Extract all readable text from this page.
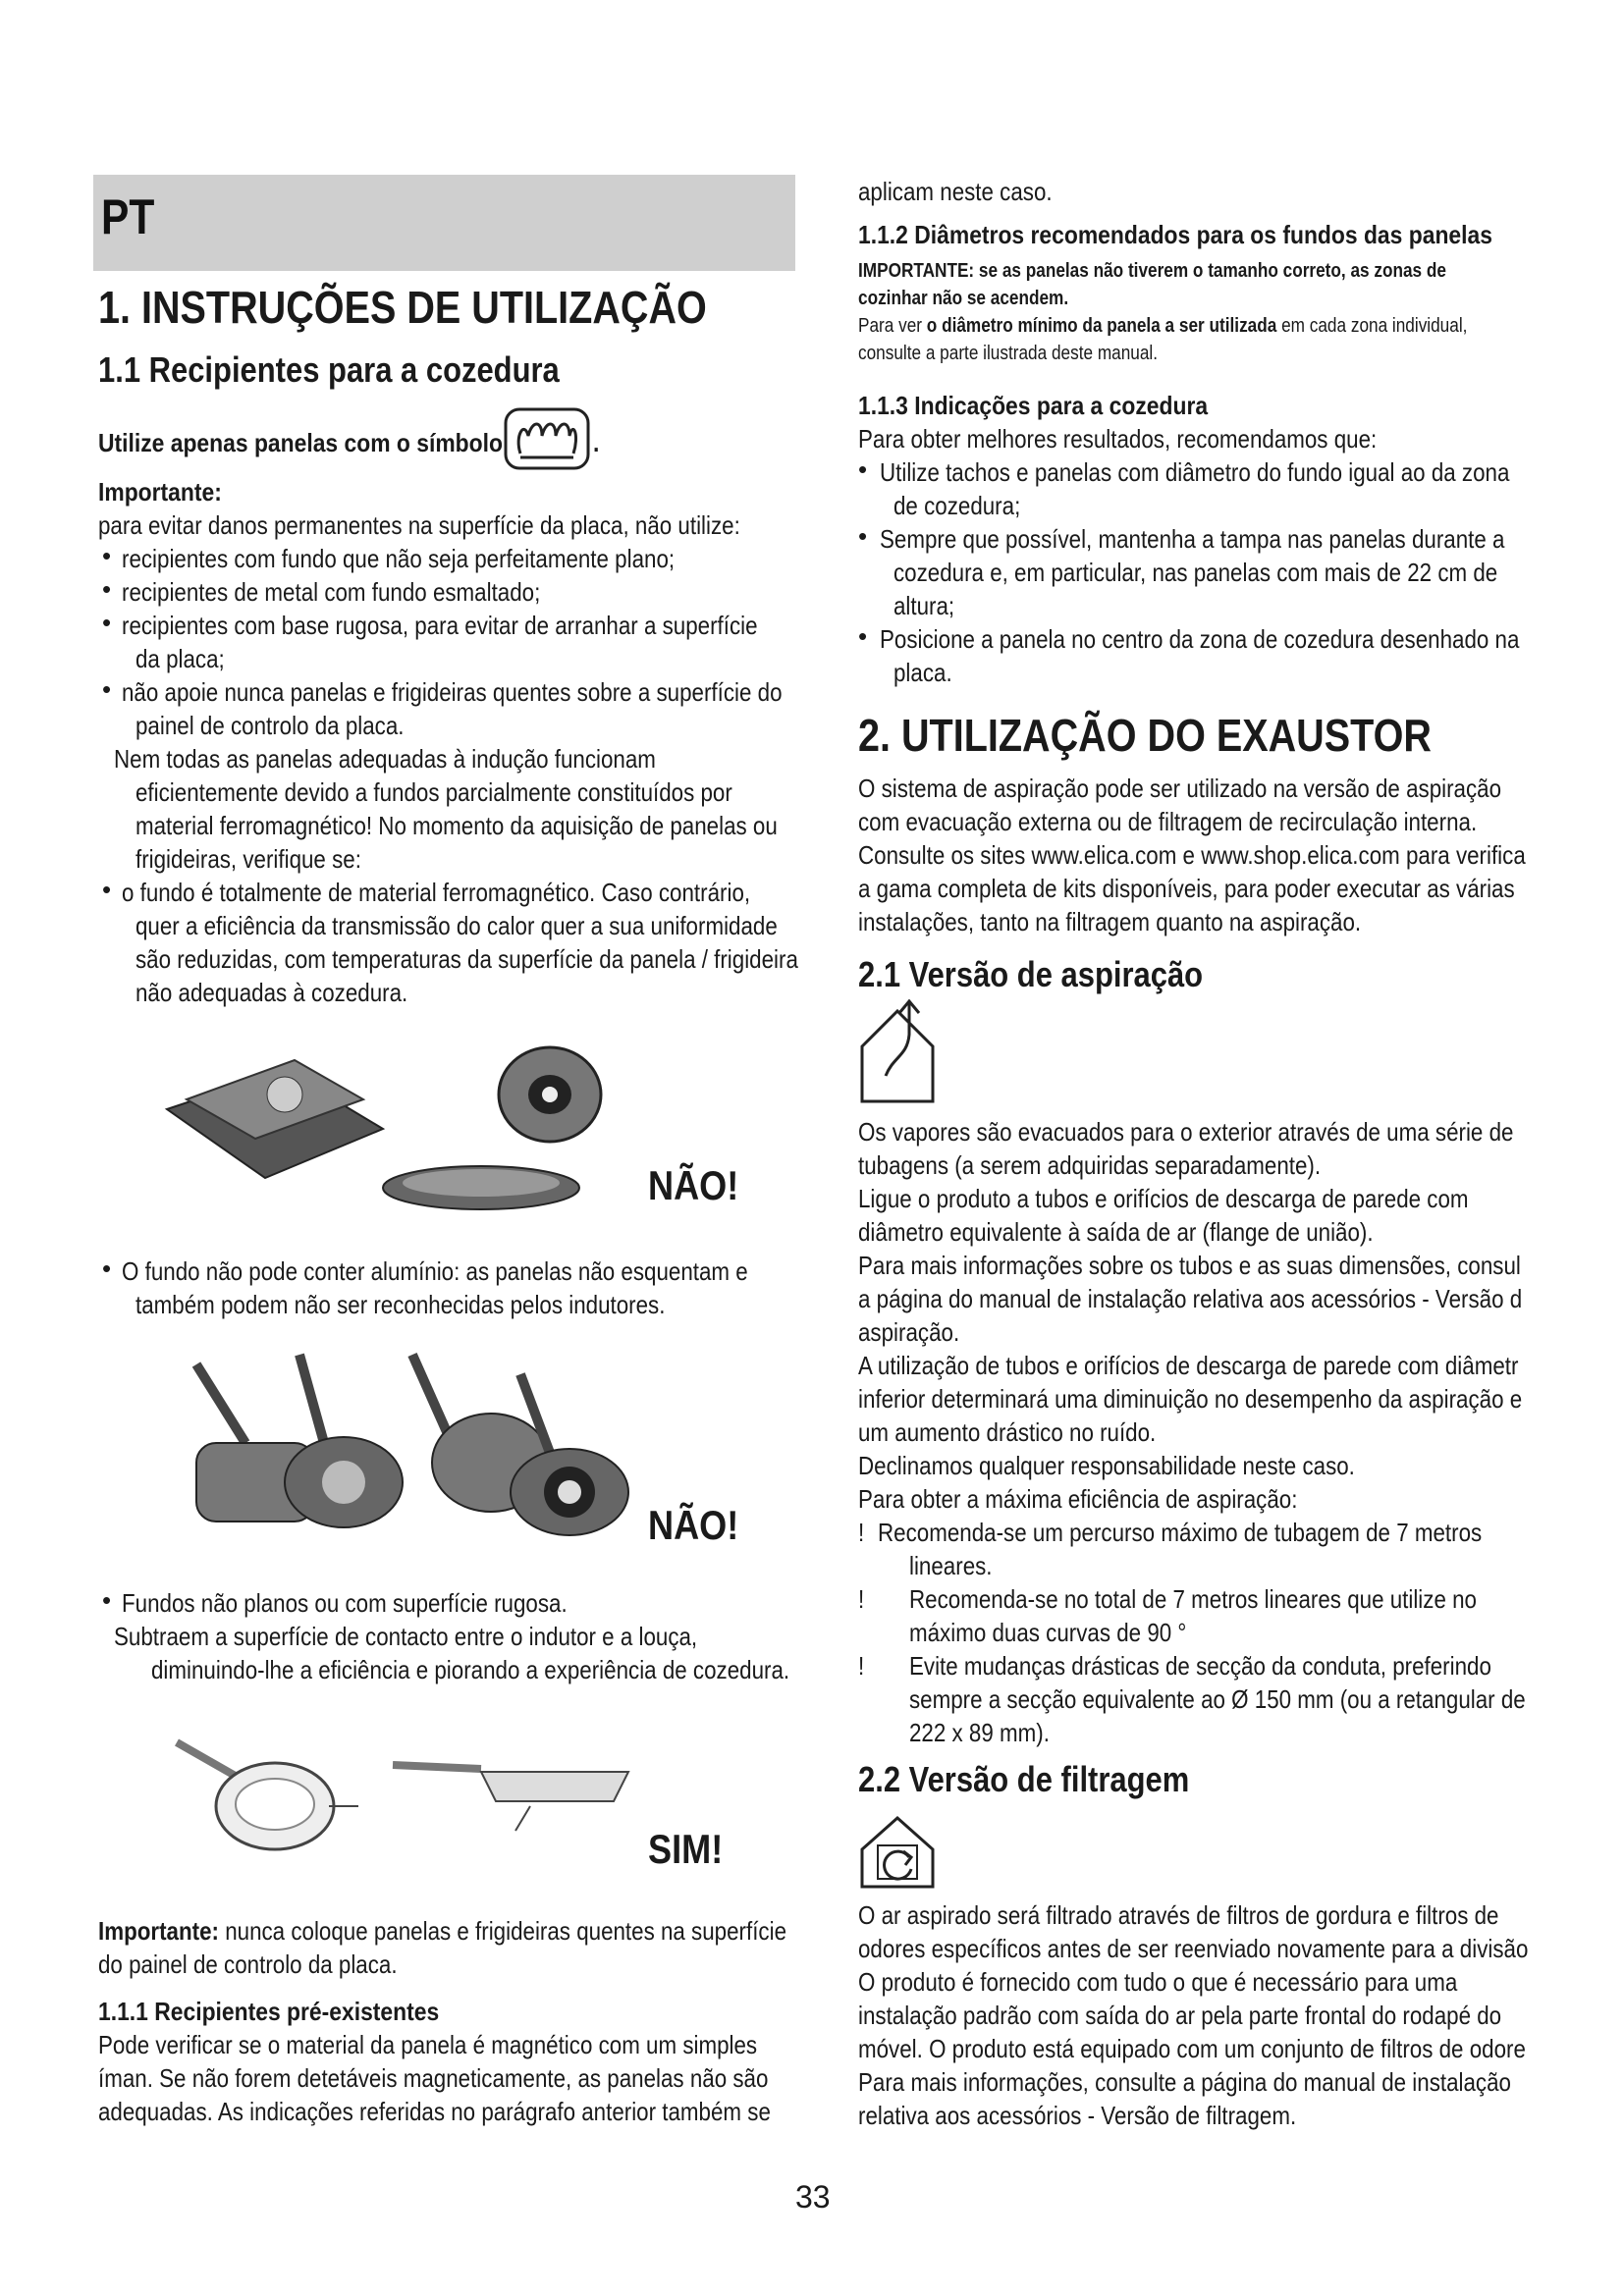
PT
1. INSTRUÇÕES DE UTILIZAÇÃO
1.1 Recipientes para a cozedura
Utilize apenas panelas com o símbolo	.
Importante:
para evitar danos permanentes na superfície da placa, não utilize:
• recipientes com fundo que não seja perfeitamente plano;
• recipientes de metal com fundo esmaltado;
• recipientes com base rugosa, para evitar de arranhar a superfície
da placa;
• não apoie nunca panelas e frigideiras quentes sobre a superfície do
painel de controlo da placa.
Nem todas as panelas adequadas à indução funcionam
eficientemente devido a fundos parcialmente constituídos por
material ferromagnético! No momento da aquisição de panelas ou
frigideiras, verifique se:
• o fundo é totalmente de material ferromagnético. Caso contrário,
quer a eficiência da transmissão do calor quer a sua uniformidade
são reduzidas, com temperaturas da superfície da panela / frigideira
não adequadas à cozedura.
NÃO!
• O fundo não pode conter alumínio: as panelas não esquentam e
também podem não ser reconhecidas pelos indutores.
NÃO!
• Fundos não planos ou com superfície rugosa.
Subtraem a superfície de contacto entre o indutor e a louça,
diminuindo-lhe a eficiência e piorando a experiência de cozedura.
SIM!
Importante: nunca coloque panelas e frigideiras quentes na superfície
do painel de controlo da placa.
1.1.1 Recipientes pré-existentes
Pode verificar se o material da panela é magnético com um simples
íman. Se não forem detetáveis magneticamente, as panelas não são
adequadas. As indicações referidas no parágrafo anterior também se
aplicam neste caso.
1.1.2 Diâmetros recomendados para os fundos das panelas
IMPORTANTE: se as panelas não tiverem o tamanho correto, as zonas de
cozinhar não se acendem.
Para ver o diâmetro mínimo da panela a ser utilizada em cada zona individual,
consulte a parte ilustrada deste manual.
1.1.3 Indicações para a cozedura
Para obter melhores resultados, recomendamos que:
• Utilize tachos e panelas com diâmetro do fundo igual ao da zona
de cozedura;
• Sempre que possível, mantenha a tampa nas panelas durante a
cozedura e, em particular, nas panelas com mais de 22 cm de
altura;
• Posicione a panela no centro da zona de cozedura desenhado na
placa.
2. UTILIZAÇÃO DO EXAUSTOR
O sistema de aspiração pode ser utilizado na versão de aspiração
com evacuação externa ou de filtragem de recirculação interna.
Consulte os sites www.elica.com e www.shop.elica.com para verifica
a gama completa de kits disponíveis, para poder executar as várias
instalações, tanto na filtragem quanto na aspiração.
2.1 Versão de aspiração
Os vapores são evacuados para o exterior através de uma série de
tubagens (a serem adquiridas separadamente).
Ligue o produto a tubos e orifícios de descarga de parede com
diâmetro equivalente à saída de ar (flange de união).
Para mais informações sobre os tubos e as suas dimensões, consul
a página do manual de instalação relativa aos acessórios - Versão d
aspiração.
A utilização de tubos e orifícios de descarga de parede com diâmetr
inferior determinará uma diminuição no desempenho da aspiração e
um aumento drástico no ruído.
Declinamos qualquer responsabilidade neste caso.
Para obter a máxima eficiência de aspiração:
! Recomenda-se um percurso máximo de tubagem de 7 metros
lineares.
! Recomenda-se no total de 7 metros lineares que utilize no
máximo duas curvas de 90 °
! Evite mudanças drásticas de secção da conduta, preferindo
sempre a secção equivalente ao Ø 150 mm (ou a retangular de
222 x 89 mm).
2.2 Versão de filtragem
O ar aspirado será filtrado através de filtros de gordura e filtros de
odores específicos antes de ser reenviado novamente para a divisão
O produto é fornecido com tudo o que é necessário para uma
instalação padrão com saída do ar pela parte frontal do rodapé do
móvel. O produto está equipado com um conjunto de filtros de odore
Para mais informações, consulte a página do manual de instalação
relativa aos acessórios - Versão de filtragem.
33
